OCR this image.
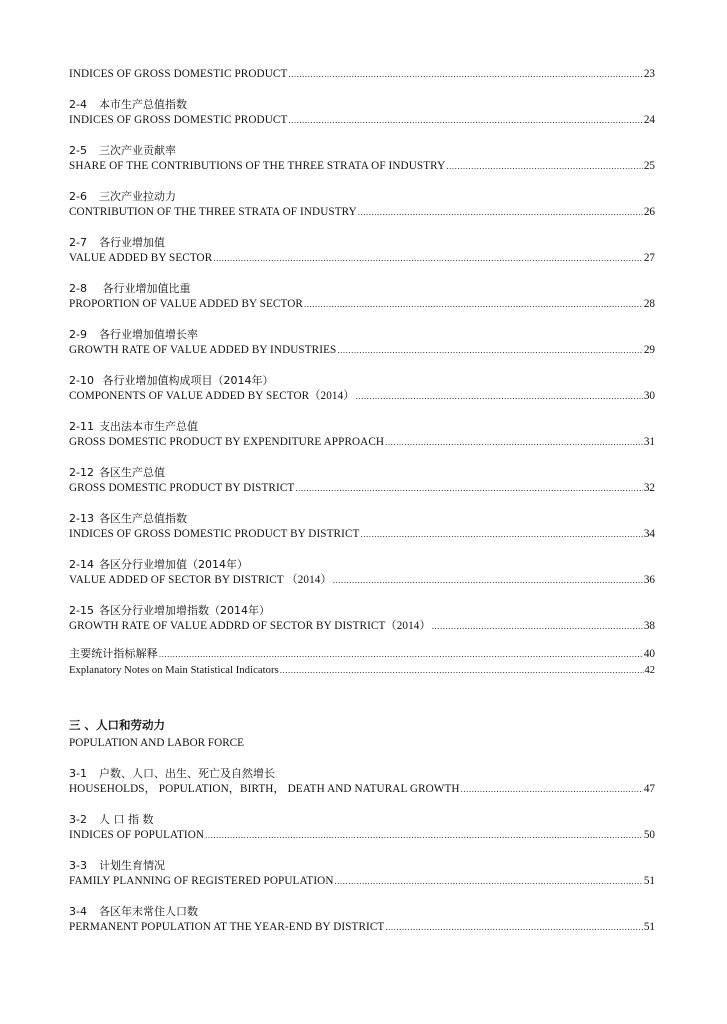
INDICES OF GROSS DOMESTIC PRODUCT .....	23
2-4 本市生产总值指数
INDICES OF GROSS DOMESTIC PRODUCT .....	24
2-5 三次产业贡献率
SHARE OF THE CONTRIBUTIONS OF THE THREE STRATA OF INDUSTRY .....	25
2-6 三次产业拉动力
CONTRIBUTION OF THE THREE STRATA OF INDUSTRY .....	26
2-7 各行业增加值
VALUE ADDED BY SECTOR .....	27
2-8 各行业增加值比重
PROPORTION OF VALUE ADDED BY SECTOR .....	28
2-9 各行业增加值增长率
GROWTH RATE OF VALUE ADDED BY INDUSTRIES .....	29
2-10 各行业增加值构成项目（2014年）
COMPONENTS OF VALUE ADDED BY SECTOR（2014） .....	30
2-11 支出法本市生产总值
GROSS DOMESTIC PRODUCT BY EXPENDITURE APPROACH .....	31
2-12 各区生产总值
GROSS DOMESTIC PRODUCT BY DISTRICT .....	32
2-13 各区生产总值指数
INDICES OF GROSS DOMESTIC PRODUCT BY DISTRICT .....	34
2-14 各区分行业增加值（2014年）
VALUE ADDED OF SECTOR BY DISTRICT （2014） .....	36
2-15 各区分行业增加增指数（2014年）
GROWTH RATE OF VALUE ADDRD OF SECTOR BY DISTRICT（2014） .....	38
主要统计指标解释 .....	40
Explanatory Notes on Main Statistical Indicators .....	42
三 、人口和劳动力
POPULATION AND LABOR FORCE
3-1 户数、人口、出生、死亡及自然增长
HOUSEHOLDS， POPULATION，BIRTH， DEATH AND NATURAL GROWTH .....	47
3-2 人 口 指 数
INDICES OF POPULATION .....	50
3-3 计划生育情况
FAMILY PLANNING OF REGISTERED POPULATION .....	51
3-4 各区年末常住人口数
PERMANENT POPULATION AT THE YEAR-END BY DISTRICT .....	51
